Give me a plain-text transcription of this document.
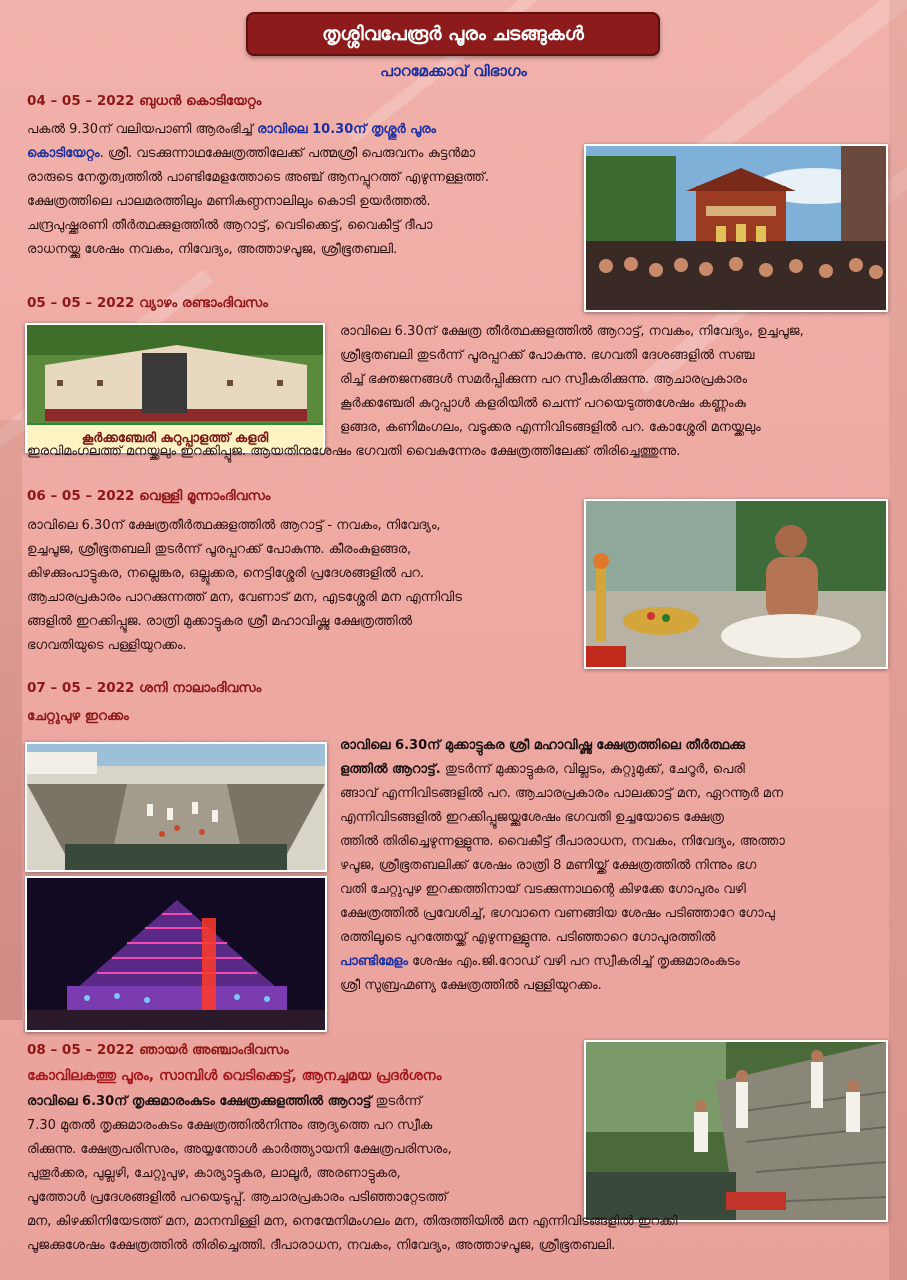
തൃശ്ശിവപേരൂർ പൂരം ചടങ്ങുകൾ
പാറമേക്കാവ് വിഭാഗം
04 – 05 – 2022 ബുധൻ കൊടിയേറ്റം
പകൽ 9.30ന് വലിയപാണി ആരംഭിച്ച് രാവിലെ 10.30ന് തൃശ്ശൂർ പൂരം
കൊടിയേറ്റം. ശ്രീ. വടക്കുന്നാഥക്ഷേത്രത്തിലേക്ക് പത്മശ്രീ പെരുവനം കുട്ടൻമാ
രാരുടെ നേതൃത്വത്തിൽ പാണ്ടിമേളത്തോടെ അഞ്ച് ആനപ്പുറത്ത് എഴുന്നള്ളത്ത്.
ക്ഷേത്രത്തിലെ പാലമരത്തിലും മണികണ്ഠനാലിലും കൊടി ഉയർത്തൽ.
ചന്ദ്രപുഷ്ക്കരണി തീർത്ഥക്കുളത്തിൽ ആറാട്ട്, വെടിക്കെട്ട്, വൈകീട്ട് ദീപാ
രാധനയ്ക്കു ശേഷം നവകം, നിവേദ്യം, അത്താഴപൂജ, ശ്രീഭൂതബലി.
05 – 05 – 2022 വ്യാഴം രണ്ടാംദിവസം
കൂർക്കഞ്ചേരി കുറുപ്പാളത്ത് കളരി
രാവിലെ 6.30ന് ക്ഷേത്ര തീർത്ഥക്കുളത്തിൽ ആറാട്ട്, നവകം, നിവേദ്യം, ഉച്ചപൂജ,
ശ്രീഭൂതബലി തുടർന്ന് പൂരപ്പറക്ക് പോകുന്നു. ഭഗവതി ദേശങ്ങളിൽ സഞ്ച
രിച്ച് ഭക്തജനങ്ങൾ സമർപ്പിക്കുന്ന പറ സ്വീകരിക്കുന്നു. ആചാരപ്രകാരം
കൂർക്കഞ്ചേരി കുറുപ്പാൾ കളരിയിൽ ചെന്ന് പറയെടുത്തശേഷം കണ്ണംകു
ളങ്ങര, കണിമംഗലം, വടൂക്കര എന്നിവിടങ്ങളിൽ പറ. കോശ്ശേരി മനയ്ക്കലും
ഇരവിമംഗലത്ത് മനയ്ക്കലും ഇറക്കിപ്പൂജ. ആയതിനുശേഷം ഭഗവതി വൈകുന്നേരം ക്ഷേത്രത്തിലേക്ക് തിരിച്ചെത്തുന്നു.
06 – 05 – 2022 വെള്ളി മൂന്നാംദിവസം
രാവിലെ 6.30ന് ക്ഷേത്രതീർത്ഥക്കുളത്തിൽ ആറാട്ട് - നവകം, നിവേദ്യം,
ഉച്ചപൂജ, ശ്രീഭൂതബലി തുടർന്ന് പൂരപ്പറക്ക് പോകുന്നു. കീരംകുളങ്ങര,
കിഴക്കുംപാട്ടുകര, നല്ലെങ്കര, ഒല്ലൂക്കര, നെട്ടിശ്ശേരി പ്രദേശങ്ങളിൽ പറ.
ആചാരപ്രകാരം പാറക്കുന്നത്ത് മന, വേണാട് മന, എടശ്ശേരി മന എന്നിവിട
ങ്ങളിൽ ഇറക്കിപ്പൂജ. രാത്രി മുക്കാട്ടുകര ശ്രീ മഹാവിഷ്ണു ക്ഷേത്രത്തിൽ
ഭഗവതിയുടെ പള്ളിയുറക്കം.
07 – 05 – 2022 ശനി നാലാംദിവസം
ചേറ്റുപുഴ ഇറക്കം
രാവിലെ 6.30ന് മുക്കാട്ടുകര ശ്രീ മഹാവിഷ്ണു ക്ഷേത്രത്തിലെ തീർത്ഥക്കു
ളത്തിൽ ആറാട്ട്. തുടർന്ന് മുക്കാട്ടുകര, വില്ലടം, കുറ്റുമുക്ക്, ചേറൂർ, പെരി
ങ്ങാവ് എന്നിവിടങ്ങളിൽ പറ. ആചാരപ്രകാരം പാലക്കാട്ട് മന, ഏറന്നൂർ മന
എന്നിവിടങ്ങളിൽ ഇറക്കിപ്പൂജയ്ക്കുശേഷം ഭഗവതി ഉച്ചയോടെ ക്ഷേത്ര
ത്തിൽ തിരിച്ചെഴുന്നള്ളുന്നു. വൈകീട്ട് ദീപാരാധന, നവകം, നിവേദ്യം, അത്താ
ഴപൂജ, ശ്രീഭൂതബലിക്ക് ശേഷം രാത്രി 8 മണിയ്ക്ക് ക്ഷേത്രത്തിൽ നിന്നും ഭഗ
വതി ചേറ്റുപുഴ ഇറക്കത്തിനായ് വടക്കുന്നാഥന്റെ കിഴക്കേ ഗോപുരം വഴി
ക്ഷേത്രത്തിൽ പ്രവേശിച്ച്, ഭഗവാനെ വണങ്ങിയ ശേഷം പടിഞ്ഞാറേ ഗോപു
രത്തിലൂടെ പുറത്തേയ്ക്ക് എഴുന്നള്ളുന്നു. പടിഞ്ഞാറെ ഗോപുരത്തിൽ
പാണ്ടിമേളം ശേഷം എം.ജി.റോഡ് വഴി പറ സ്വീകരിച്ച് തൃക്കുമാരംകുടം
ശ്രീ സുബ്രഹ്മണ്യ ക്ഷേത്രത്തിൽ പള്ളിയുറക്കം.
08 – 05 – 2022 ഞായർ അഞ്ചാംദിവസം
കോവിലകത്തു പൂരം, സാമ്പിൾ വെടിക്കെട്ട്, ആനച്ചമയ പ്രദർശനം
രാവിലെ 6.30ന് തൃക്കുമാരംകുടം ക്ഷേത്രക്കുളത്തിൽ ആറാട്ട് തുടർന്ന്
7.30 മുതൽ തൃക്കുമാരംകുടം ക്ഷേത്രത്തിൽനിന്നും ആദ്യത്തെ പറ സ്വീക
രിക്കുന്നു. ക്ഷേത്രപരിസരം, അയ്യന്തോൾ കാർത്ത്യായനി ക്ഷേത്രപരിസരം,
പുതൂർക്കര, പുല്ലഴി, ചേറ്റുപുഴ, കാര്യാട്ടുകര, ലാലൂർ, അരണാട്ടുകര,
പൂത്തോൾ പ്രദേശങ്ങളിൽ പറയെടുപ്പ്. ആചാരപ്രകാരം പടിഞ്ഞാറ്റേടത്ത്
മന, കിഴക്കിനിയേടത്ത് മന, മാനമ്പിള്ളി മന, നെന്മേനിമംഗലം മന, തിരുത്തിയിൽ മന എന്നിവിടങ്ങളിൽ ഇറക്കി
പൂജക്കുശേഷം ക്ഷേത്രത്തിൽ തിരിച്ചെത്തി. ദീപാരാധന, നവകം, നിവേദ്യം, അത്താഴപൂജ, ശ്രീഭൂതബലി.
